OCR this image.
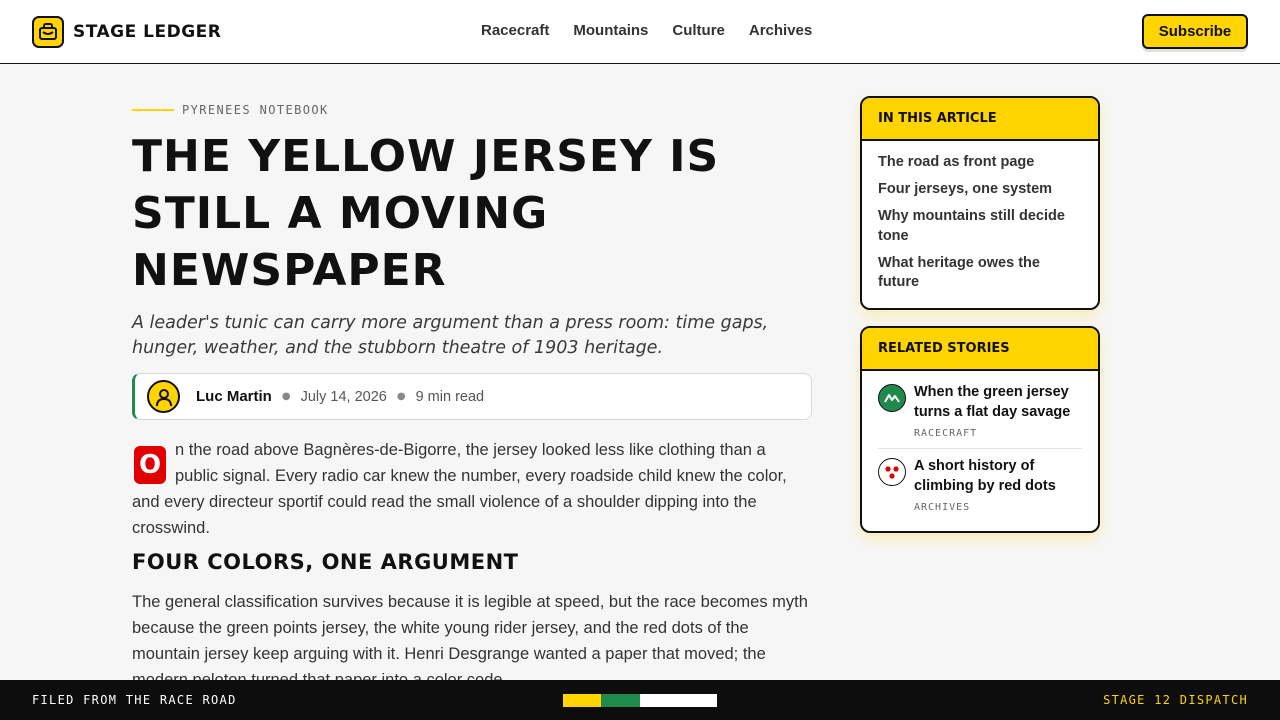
STAGE LEDGER	Racecraft Mountains Culture Archives	Subscribe
PYRENEES NOTEBOOK
THE YELLOW JERSEY IS STILL A MOVING NEWSPAPER

A leader's tunic can carry more argument than a press room: time gaps, hunger, weather, and the stubborn theatre of 1903 heritage.

Luc Martin ● July 14, 2026 ● 9 min read

O n the road above Bagnères-de-Bigorre, the jersey looked less like clothing than a public signal. Every radio car knew the number, every roadside child knew the color, and every directeur sportif could read the small violence of a shoulder dipping into the crosswind.

FOUR COLORS, ONE ARGUMENT

The general classification survives because it is legible at speed, but the race becomes myth because the green points jersey, the white young rider jersey, and the red dots of the mountain jersey keep arguing with it. Henri Desgrange wanted a paper that moved; the

IN THIS ARTICLE
The road as front page
Four jerseys, one system
Why mountains still decide tone
What heritage owes the future
RELATED STORIES
When the green jersey turns a flat day savage
RACECRAFT
A short history of climbing by red dots
ARCHIVES
FILED FROM THE RACE ROAD	STAGE 12 DISPATCH
